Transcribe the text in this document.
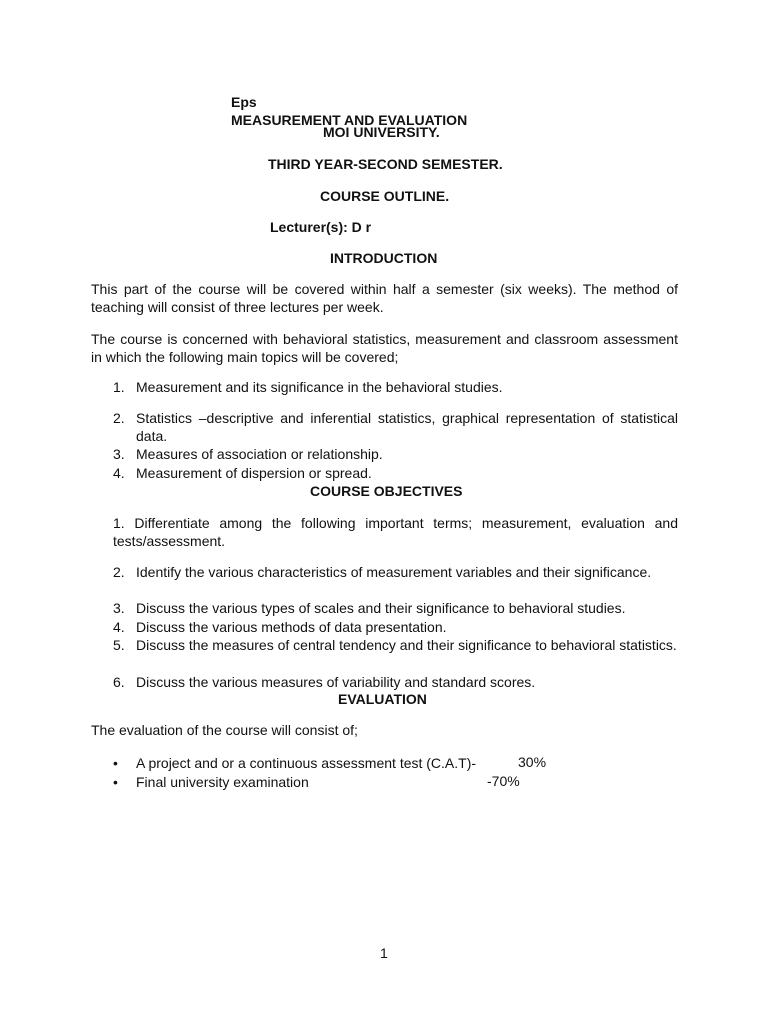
Eps
MEASUREMENT AND EVALUATION
MOI UNIVERSITY.
THIRD YEAR-SECOND SEMESTER.
COURSE OUTLINE.
Lecturer(s): D r
INTRODUCTION
This part of the course will be covered within half a semester (six weeks). The method of teaching will consist of three lectures per week.
The course is concerned with behavioral statistics, measurement and classroom assessment in which the following main topics will be covered;
1. Measurement and its significance in the behavioral studies.
2. Statistics –descriptive and inferential statistics, graphical representation of statistical data.
3. Measures of association or relationship.
4. Measurement of dispersion or spread.
COURSE OBJECTIVES
1. Differentiate among the following important terms; measurement, evaluation and tests/assessment.
2. Identify the various characteristics of measurement variables and their significance.
3. Discuss the various types of scales and their significance to behavioral studies.
4. Discuss the various methods of data presentation.
5. Discuss the measures of central tendency and their significance to behavioral statistics.
6. Discuss the various measures of variability and standard scores.
EVALUATION
The evaluation of the course will consist of;
• A project and or a continuous assessment test (C.A.T)-	30%
• Final university examination	-70%
1
